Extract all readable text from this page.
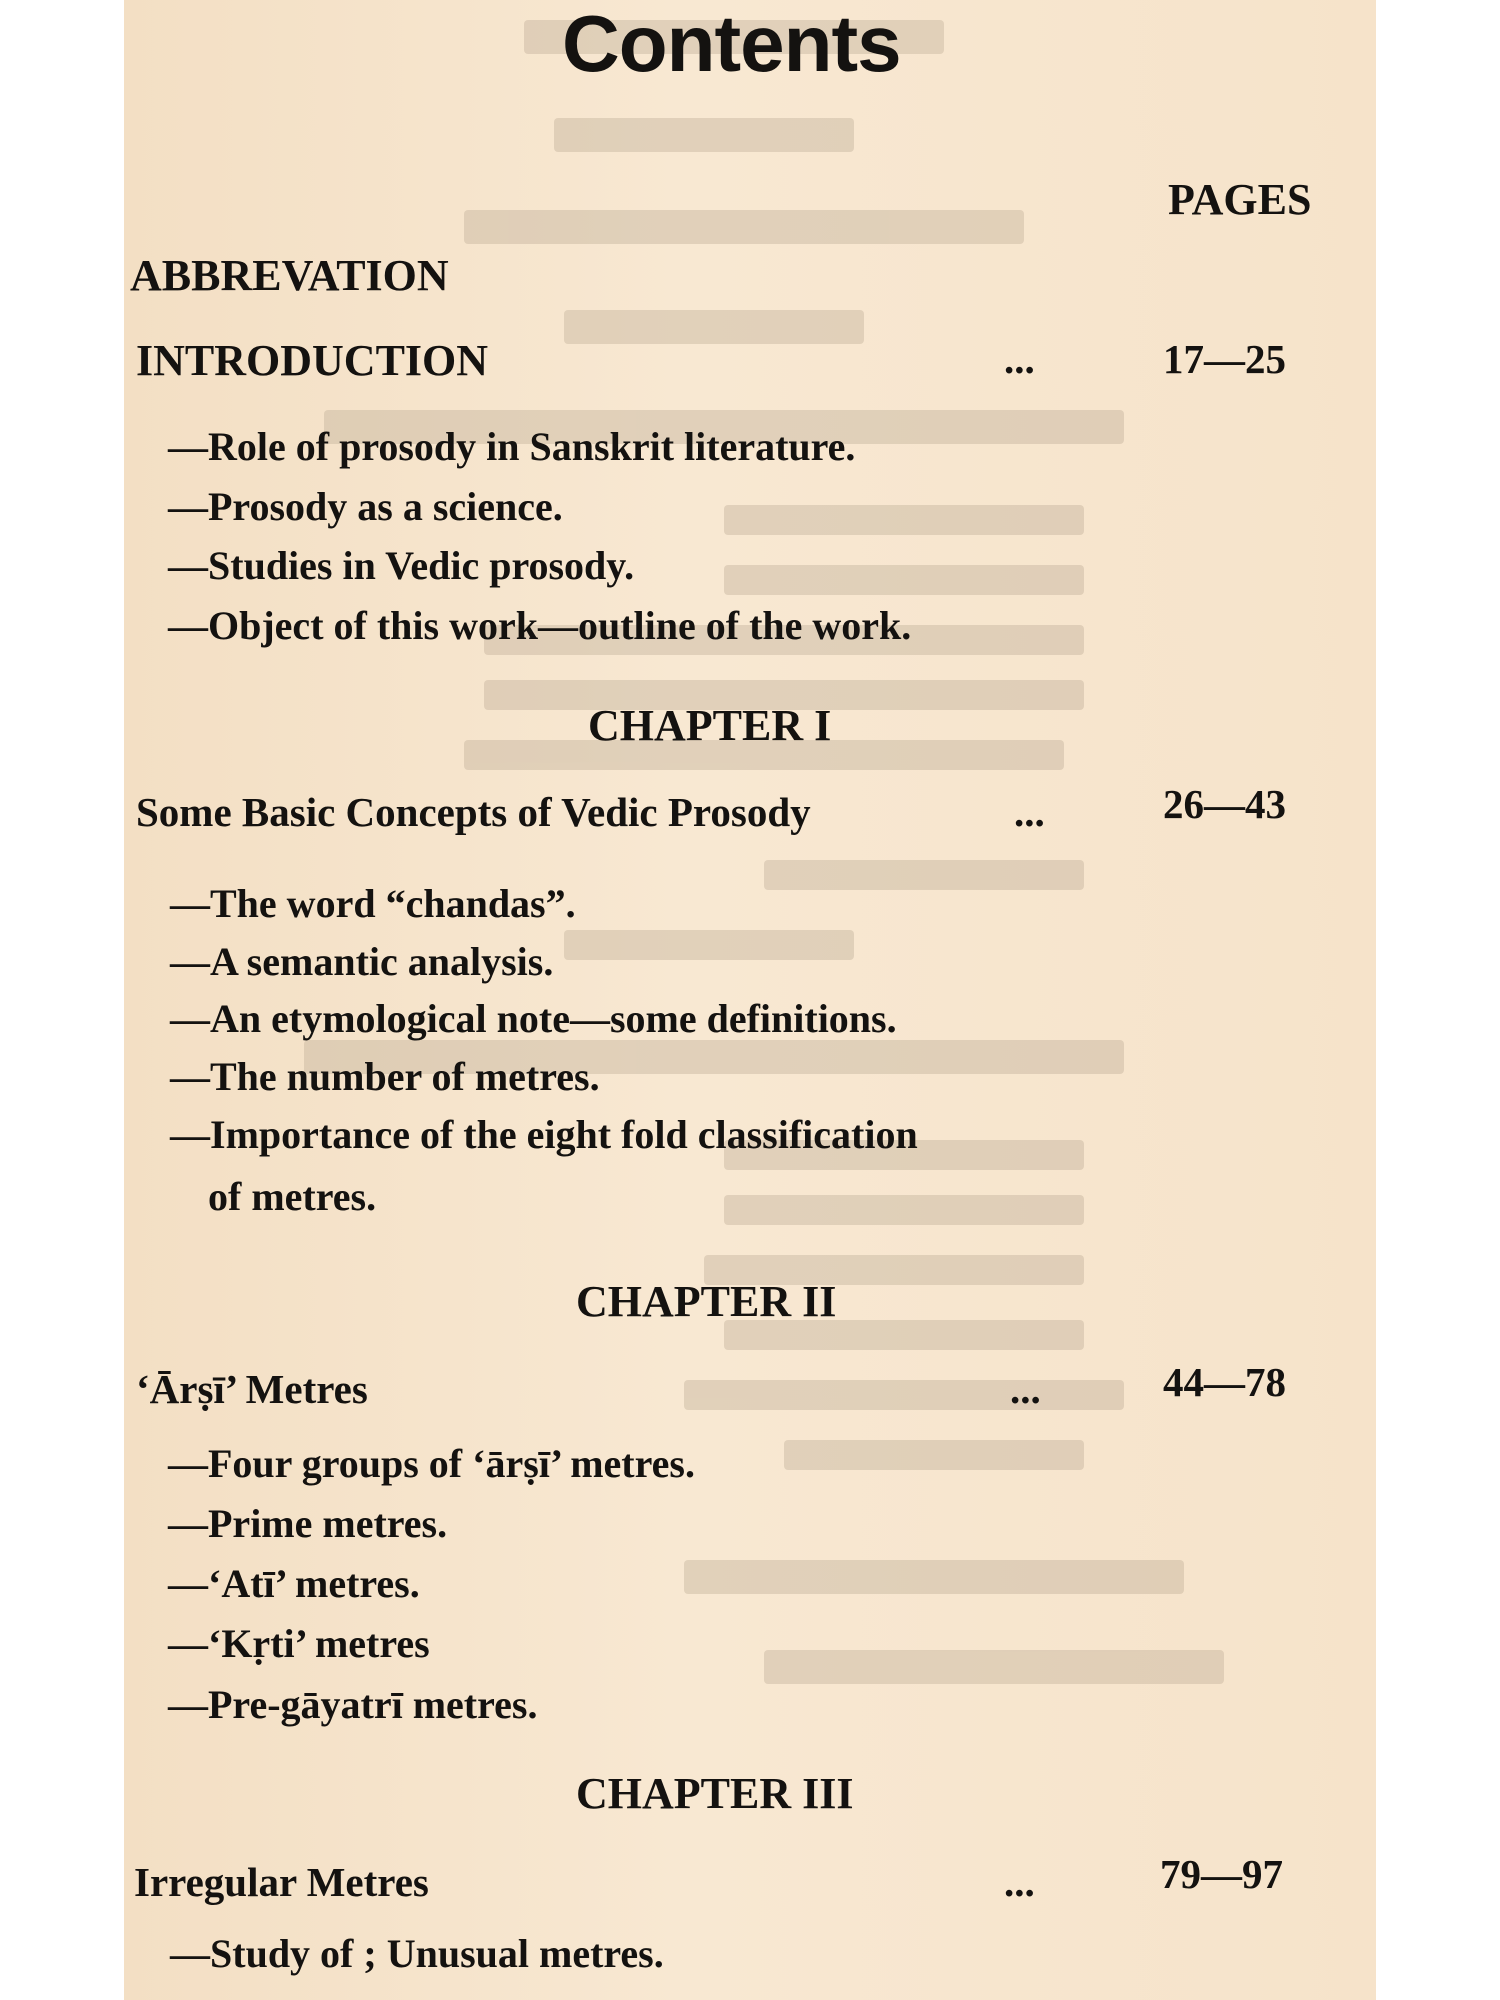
Contents
PAGES
ABBREVATION
INTRODUCTION	...	17—25
—Role of prosody in Sanskrit literature.
—Prosody as a science.
—Studies in Vedic prosody.
—Object of this work—outline of the work.
CHAPTER I
Some Basic Concepts of Vedic Prosody	...	26—43
—The word “chandas”.
—A semantic analysis.
—An etymological note—some definitions.
—The number of metres.
—Importance of the eight fold classification
of metres.
CHAPTER II
‘Ārṣī’ Metres	...	44—78
—Four groups of ‘ārṣī’ metres.
—Prime metres.
—‘Atī’ metres.
—‘Kṛti’ metres
—Pre-gāyatrī metres.
CHAPTER III
Irregular Metres	...	79—97
—Study of ; Unusual metres.
